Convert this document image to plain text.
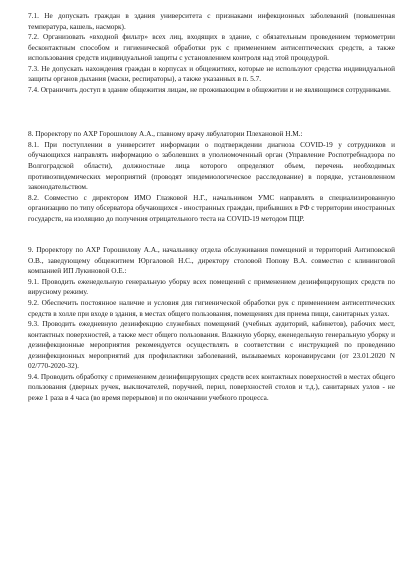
7.1. Не допускать граждан в здания университета с признаками инфекционных заболеваний (повышенная температура, кашель, насморк).

7.2. Организовать «входной фильтр» всех лиц, входящих в здание, с обязательным проведением термометрии бесконтактным способом и гигиенической обработки рук с применением антисептических средств, а также использования средств индивидуальной защиты с установлением контроля над этой процедурой.

7.3. Не допускать нахождения граждан в корпусах и общежитиях, которые не используют средства индивидуальной защиты органов дыхания (маски, респираторы), а также указанных в п. 5.7.

7.4. Ограничить доступ в здание общежития лицам, не проживающим в общежитии и не являющимся сотрудниками.

8. Проректору по АХР Горошилову А.А., главному врачу лвбулатории Плехановой Н.М.:

8.1. При поступлении в университет информации о подтверждении диагноза COVID-19 у сотрудников и обучающихся направлять информацию о заболевших в уполномоченный орган (Управление Роспотребнадзора по Волгоградской области), должностные лица которого определяют объем, перечень необходимых противоэпидемических мероприятий (проводят эпидемиологическое расследование) в порядке, установленном законодательством.

8.2. Совместно с директором ИМО Глазковой Н.Г., начальником УМС направлять в специализированную организацию по типу обсерватора обучающихся - иностранных граждан, прибывших в РФ с территории иностранных государств, на изоляцию до получения отрицательного теста на COVID-19 методом ПЦР.

9. Проректору по АХР Горошилову А.А., начальнику отдела обслуживания помещений и территорий Антиповской О.В., заведующему общежитием Юргаловой Н.С., директору столовой Попову В.А. совместно с клининговой компанией ИП Лукиновой О.Е.:

9.1. Проводить еженедельную генеральную уборку всех помещений с применением дезинфицирующих средств по вирусному режиму.

9.2. Обеспечить постоянное наличие и условия для гигиенической обработки рук с применением антисептических средств в холле при входе в здания, в местах общего пользования, помещениях для приема пищи, санитарных узлах.

9.3. Проводить ежедневную дезинфекцию служебных помещений (учебных аудиторий, кабинетов), рабочих мест, контактных поверхностей, а также мест общего пользования. Влажную уборку, еженедельную генеральную уборку и дезинфекционные мероприятия рекомендуется осуществлять в соответствии с инструкцией по проведению дезинфекционных мероприятий для профилактики заболеваний, вызываемых коронавирусами (от 23.01.2020 N 02/770-2020-32).

9.4. Проводить обработку с применением дезинфицирующих средств всех контактных поверхностей в местах общего пользования (дверных ручек, выключателей, поручней, перил, поверхностей столов и т.д.), санитарных узлов - не реже 1 раза в 4 часа (во время перерывов) и по окончании учебного процесса.
